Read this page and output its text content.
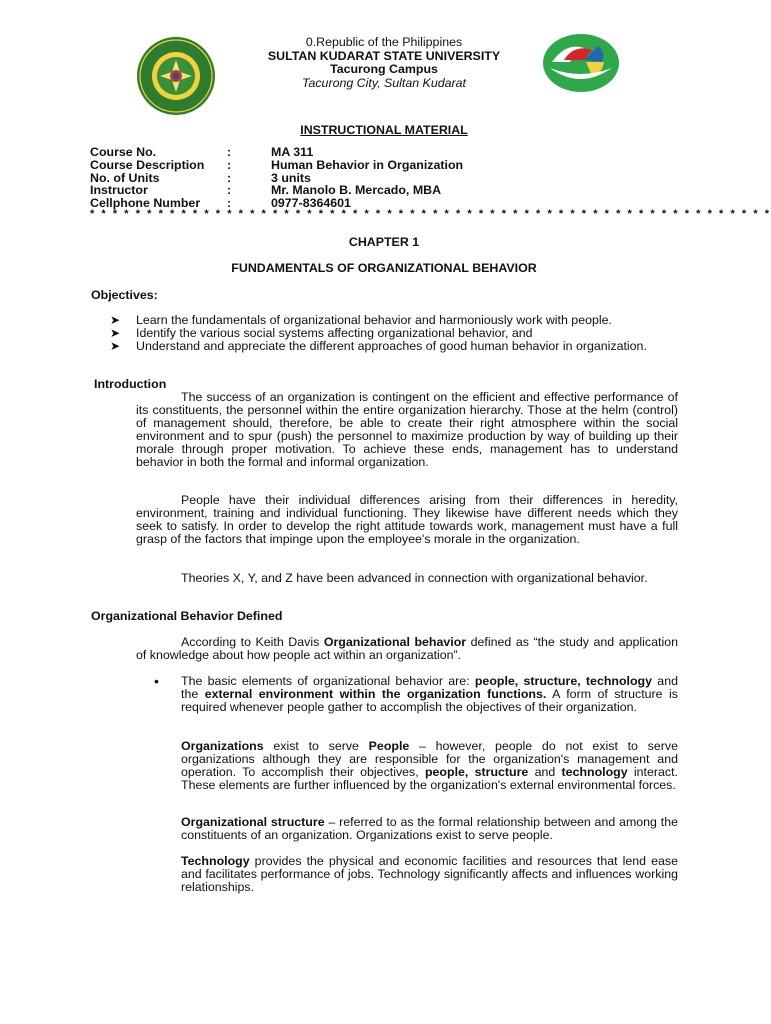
0.Republic of the Philippines
SULTAN KUDARAT STATE UNIVERSITY
Tacurong Campus
Tacurong City, Sultan Kudarat
INSTRUCTIONAL MATERIAL
Course No.	:	MA 311
Course Description :	Human Behavior in Organization
No. of Units	:	3 units
Instructor	:	Mr. Manolo B. Mercado, MBA
Cellphone Number :	0977-8364601
* * * * * * * * * * * * * * * * * * * * * * * * * * * * * * * * * * * * * * * * * * * * * * * * * * * * * * * * * * * *
CHAPTER 1
FUNDAMENTALS OF ORGANIZATIONAL BEHAVIOR
Objectives:
➤ Learn the fundamentals of organizational behavior and harmoniously work with people.
➤ Identify the various social systems affecting organizational behavior, and
➤ Understand and appreciate the different approaches of good human behavior in organization.
Introduction
The success of an organization is contingent on the efficient and effective performance of its constituents, the personnel within the entire organization hierarchy. Those at the helm (control) of management should, therefore, be able to create their right atmosphere within the social environment and to spur (push) the personnel to maximize production by way of building up their morale through proper motivation. To achieve these ends, management has to understand behavior in both the formal and informal organization.
People have their individual differences arising from their differences in heredity, environment, training and individual functioning. They likewise have different needs which they seek to satisfy. In order to develop the right attitude towards work, management must have a full grasp of the factors that impinge upon the employee's morale in the organization.
Theories X, Y, and Z have been advanced in connection with organizational behavior.
Organizational Behavior Defined
According to Keith Davis Organizational behavior defined as “the study and application of knowledge about how people act within an organization”.
• The basic elements of organizational behavior are: people, structure, technology and the external environment within the organization functions. A form of structure is required whenever people gather to accomplish the objectives of their organization.
Organizations exist to serve People – however, people do not exist to serve organizations although they are responsible for the organization's management and operation. To accomplish their objectives, people, structure and technology interact. These elements are further influenced by the organization's external environmental forces.
Organizational structure – referred to as the formal relationship between and among the constituents of an organization. Organizations exist to serve people.
Technology provides the physical and economic facilities and resources that lend ease and facilitates performance of jobs. Technology significantly affects and influences working relationships.
